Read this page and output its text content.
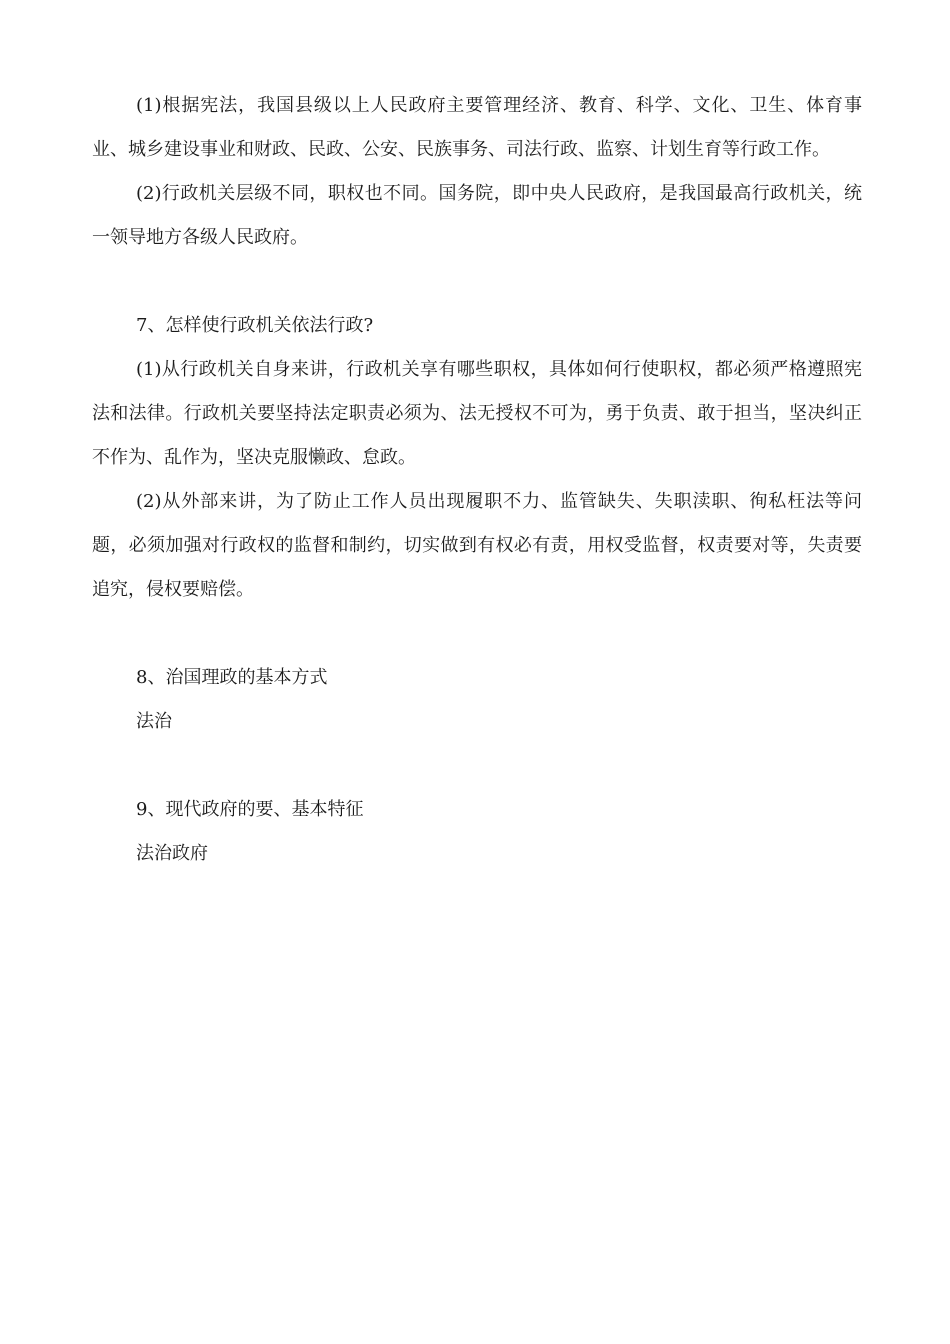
(1)根据宪法，我国县级以上人民政府主要管理经济、教育、科学、文化、卫生、体育事业、城乡建设事业和财政、民政、公安、民族事务、司法行政、监察、计划生育等行政工作。

(2)行政机关层级不同，职权也不同。国务院，即中央人民政府，是我国最高行政机关，统一领导地方各级人民政府。

7、怎样使行政机关依法行政?

(1)从行政机关自身来讲，行政机关享有哪些职权，具体如何行使职权，都必须严格遵照宪法和法律。行政机关要坚持法定职责必须为、法无授权不可为，勇于负责、敢于担当，坚决纠正不作为、乱作为，坚决克服懒政、怠政。

(2)从外部来讲，为了防止工作人员出现履职不力、监管缺失、失职渎职、徇私枉法等问题，必须加强对行政权的监督和制约，切实做到有权必有责，用权受监督，权责要对等，失责要追究，侵权要赔偿。

8、治国理政的基本方式

法治

9、现代政府的要、基本特征

法治政府
